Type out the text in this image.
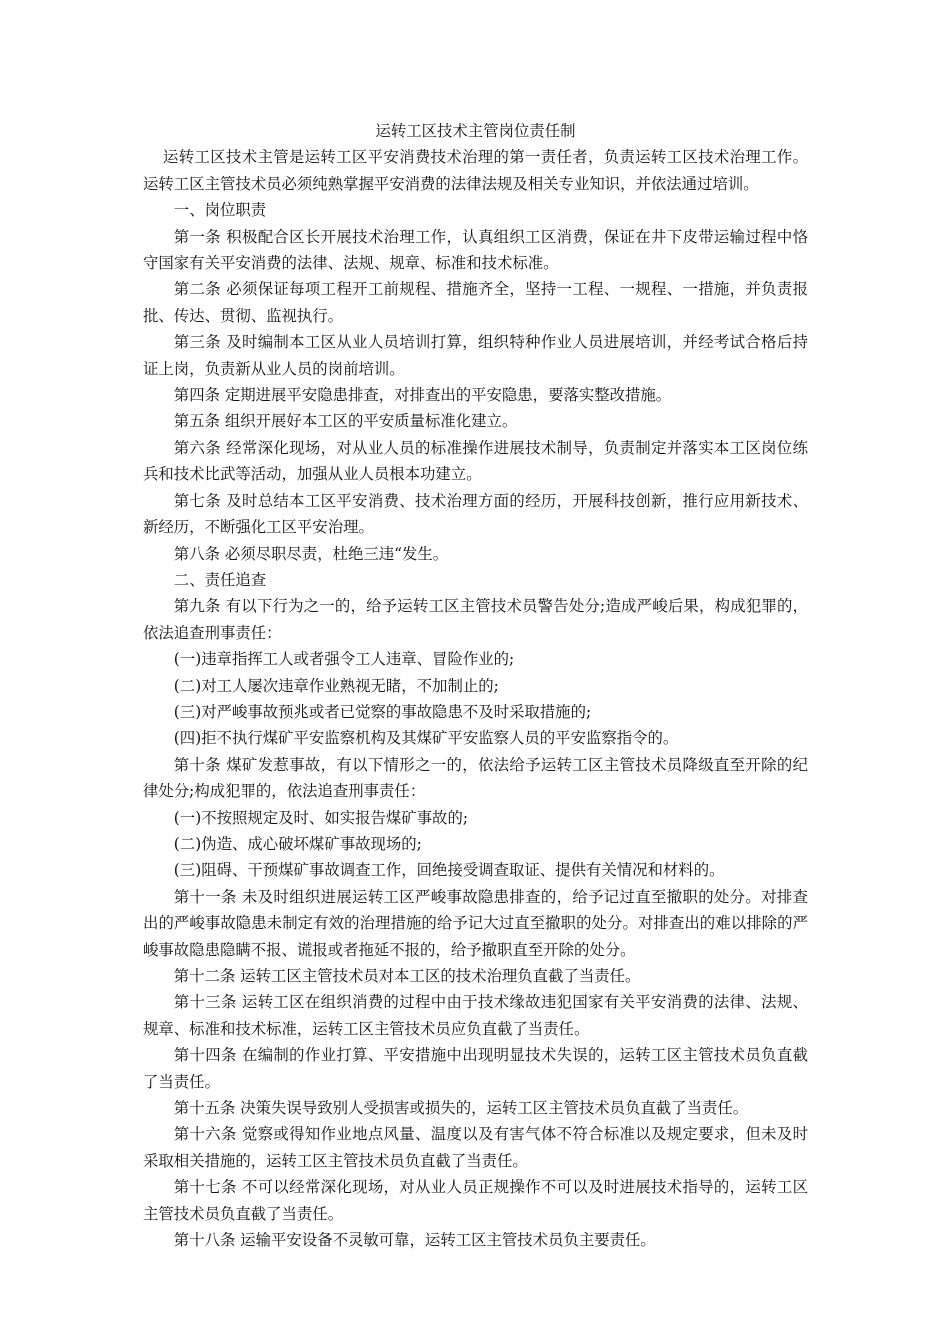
运转工区技术主管岗位责任制

运转工区技术主管是运转工区平安消费技术治理的第一责任者，负责运转工区技术治理工作。运转工区主管技术员必须纯熟掌握平安消费的法律法规及相关专业知识，并依法通过培训。

一、岗位职责

第一条 积极配合区长开展技术治理工作，认真组织工区消费，保证在井下皮带运输过程中恪守国家有关平安消费的法律、法规、规章、标准和技术标准。

第二条 必须保证每项工程开工前规程、措施齐全，坚持一工程、一规程、一措施，并负责报批、传达、贯彻、监视执行。

第三条 及时编制本工区从业人员培训打算，组织特种作业人员进展培训，并经考试合格后持证上岗，负责新从业人员的岗前培训。

第四条 定期进展平安隐患排查，对排查出的平安隐患，要落实整改措施。

第五条 组织开展好本工区的平安质量标准化建立。

第六条 经常深化现场，对从业人员的标准操作进展技术制导，负责制定并落实本工区岗位练兵和技术比武等活动，加强从业人员根本功建立。

第七条 及时总结本工区平安消费、技术治理方面的经历，开展科技创新，推行应用新技术、新经历，不断强化工区平安治理。

第八条 必须尽职尽责，杜绝三违“发生。

二、责任追查

第九条 有以下行为之一的，给予运转工区主管技术员警告处分;造成严峻后果，构成犯罪的，依法追查刑事责任：

(一)违章指挥工人或者强令工人违章、冒险作业的;

(二)对工人屡次违章作业熟视无睹，不加制止的;

(三)对严峻事故预兆或者已觉察的事故隐患不及时采取措施的;

(四)拒不执行煤矿平安监察机构及其煤矿平安监察人员的平安监察指令的。

第十条 煤矿发惹事故，有以下情形之一的，依法给予运转工区主管技术员降级直至开除的纪律处分;构成犯罪的，依法追查刑事责任：

(一)不按照规定及时、如实报告煤矿事故的;

(二)伪造、成心破坏煤矿事故现场的;

(三)阻碍、干预煤矿事故调查工作，回绝接受调查取证、提供有关情况和材料的。

第十一条 未及时组织进展运转工区严峻事故隐患排查的，给予记过直至撤职的处分。对排查出的严峻事故隐患未制定有效的治理措施的给予记大过直至撤职的处分。对排查出的难以排除的严峻事故隐患隐瞒不报、谎报或者拖延不报的，给予撤职直至开除的处分。

第十二条 运转工区主管技术员对本工区的技术治理负直截了当责任。

第十三条 运转工区在组织消费的过程中由于技术缘故违犯国家有关平安消费的法律、法规、规章、标准和技术标准，运转工区主管技术员应负直截了当责任。

第十四条 在编制的作业打算、平安措施中出现明显技术失误的，运转工区主管技术员负直截了当责任。

第十五条 决策失误导致别人受损害或损失的，运转工区主管技术员负直截了当责任。

第十六条 觉察或得知作业地点风量、温度以及有害气体不符合标准以及规定要求，但未及时采取相关措施的，运转工区主管技术员负直截了当责任。

第十七条 不可以经常深化现场，对从业人员正规操作不可以及时进展技术指导的，运转工区主管技术员负直截了当责任。

第十八条 运输平安设备不灵敏可靠，运转工区主管技术员负主要责任。
